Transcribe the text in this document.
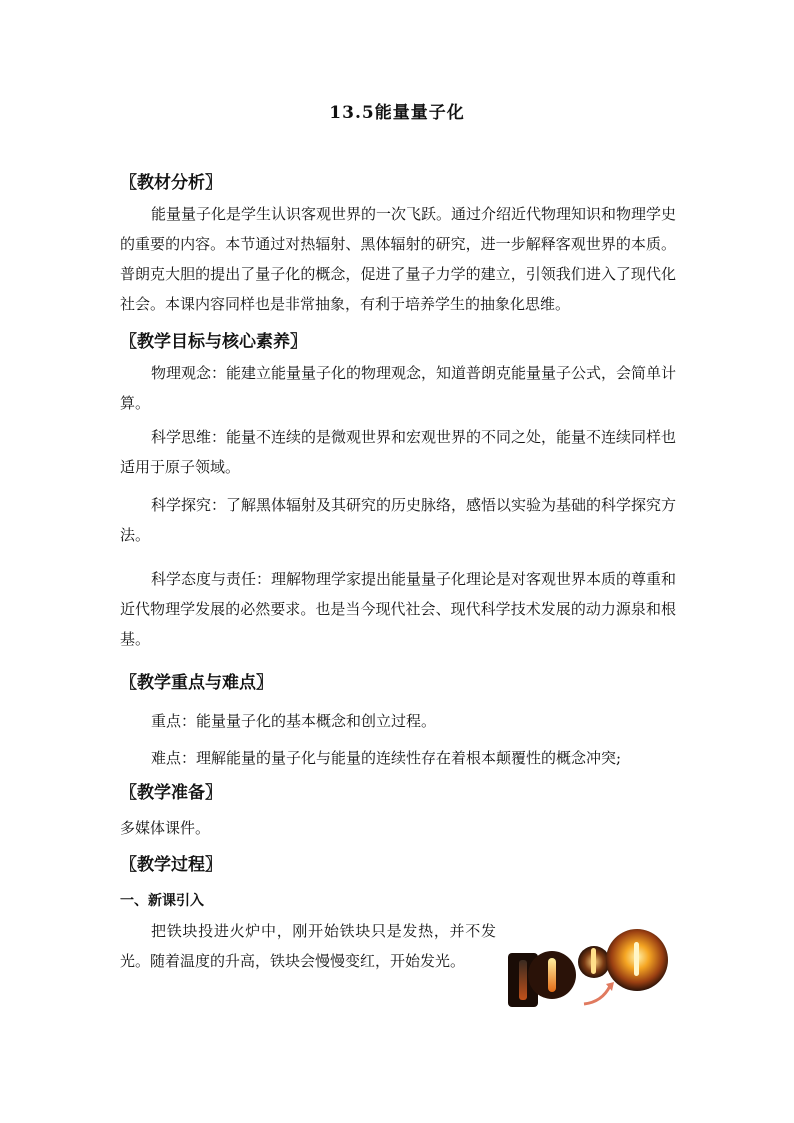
13.5能量量子化
〖教材分析〗
能量量子化是学生认识客观世界的一次飞跃。通过介绍近代物理知识和物理学史的重要的内容。本节通过对热辐射、黑体辐射的研究，进一步解释客观世界的本质。普朗克大胆的提出了量子化的概念，促进了量子力学的建立，引领我们进入了现代化社会。本课内容同样也是非常抽象，有利于培养学生的抽象化思维。
〖教学目标与核心素养〗
物理观念：能建立能量量子化的物理观念，知道普朗克能量量子公式，会简单计算。
科学思维：能量不连续的是微观世界和宏观世界的不同之处，能量不连续同样也适用于原子领域。
科学探究：了解黑体辐射及其研究的历史脉络，感悟以实验为基础的科学探究方法。
科学态度与责任：理解物理学家提出能量量子化理论是对客观世界本质的尊重和近代物理学发展的必然要求。也是当今现代社会、现代科学技术发展的动力源泉和根基。
〖教学重点与难点〗
重点：能量量子化的基本概念和创立过程。
难点：理解能量的量子化与能量的连续性存在着根本颠覆性的概念冲突;
〖教学准备〗
多媒体课件。
〖教学过程〗
一、新课引入
把铁块投进火炉中，刚开始铁块只是发热，并不发光。随着温度的升高，铁块会慢慢变红，开始发光。
